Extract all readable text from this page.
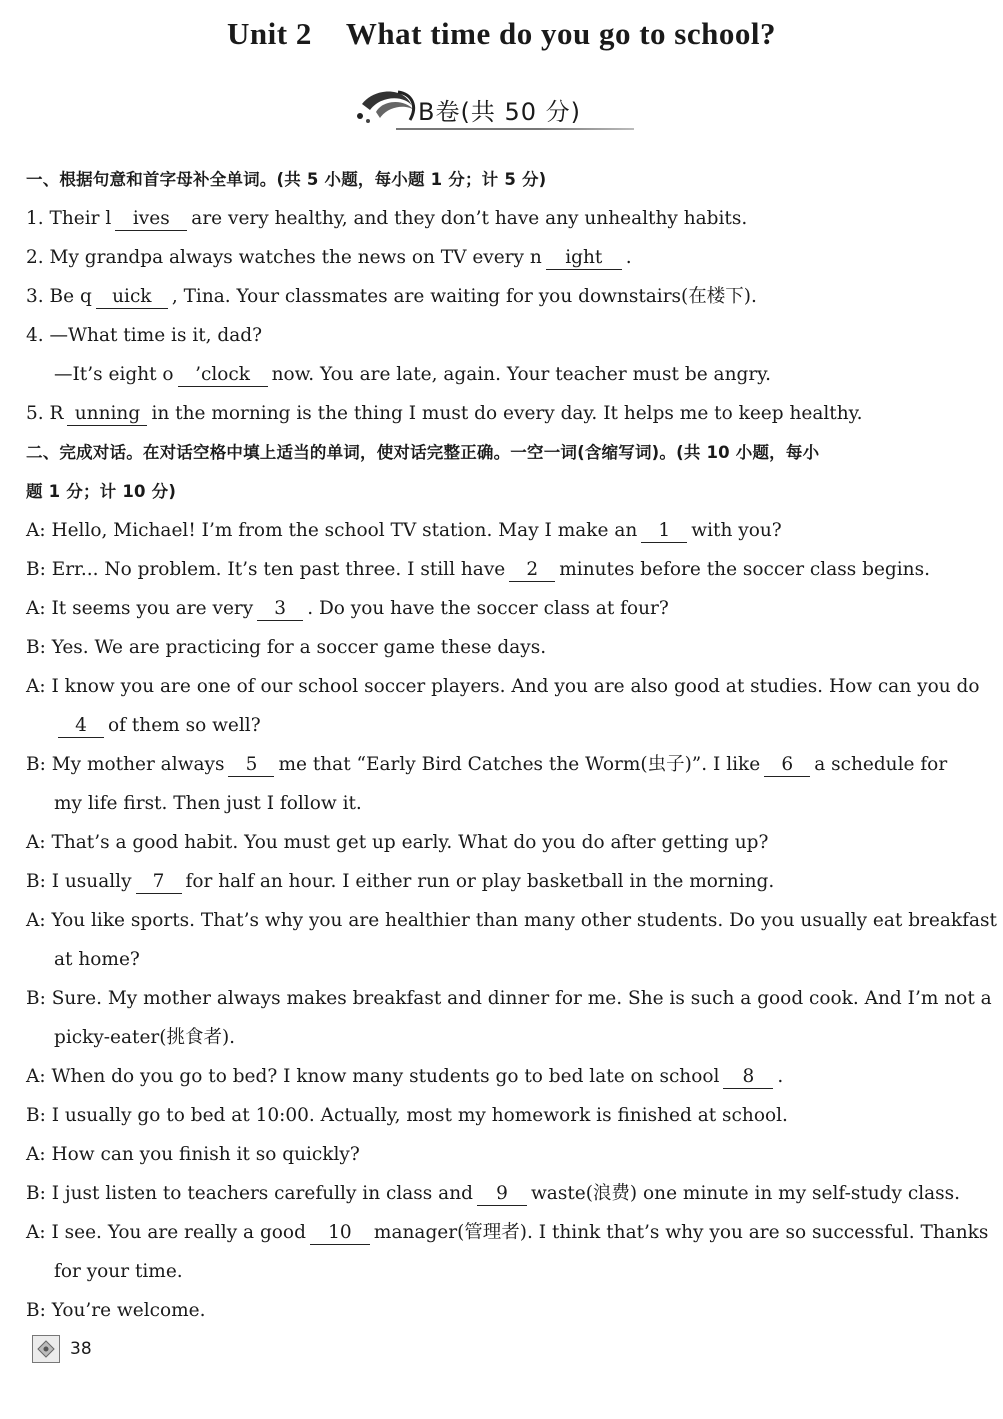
Unit 2 What time do you go to school?
B卷(共 50 分)
一、根据句意和首字母补全单词。(共 5 小题，每小题 1 分；计 5 分)
1. Their l ives are very healthy, and they don’t have any unhealthy habits.
2. My grandpa always watches the news on TV every n ight .
3. Be q uick , Tina. Your classmates are waiting for you downstairs(在楼下).
4. —What time is it, dad?
—It’s eight o ’clock now. You are late, again. Your teacher must be angry.
5. R unning in the morning is the thing I must do every day. It helps me to keep healthy.
二、完成对话。在对话空格中填上适当的单词，使对话完整正确。一空一词(含缩写词)。(共 10 小题，每小
题 1 分；计 10 分)
A: Hello, Michael! I’m from the school TV station. May I make an 1 with you?
B: Err... No problem. It’s ten past three. I still have 2 minutes before the soccer class begins.
A: It seems you are very 3 . Do you have the soccer class at four?
B: Yes. We are practicing for a soccer game these days.
A: I know you are one of our school soccer players. And you are also good at studies. How can you do
4 of them so well?
B: My mother always 5 me that “Early Bird Catches the Worm(虫子)”. I like 6 a schedule for
my life first. Then just I follow it.
A: That’s a good habit. You must get up early. What do you do after getting up?
B: I usually 7 for half an hour. I either run or play basketball in the morning.
A: You like sports. That’s why you are healthier than many other students. Do you usually eat breakfast
at home?
B: Sure. My mother always makes breakfast and dinner for me. She is such a good cook. And I’m not a
picky-eater(挑食者).
A: When do you go to bed? I know many students go to bed late on school 8 .
B: I usually go to bed at 10:00. Actually, most my homework is finished at school.
A: How can you finish it so quickly?
B: I just listen to teachers carefully in class and 9 waste(浪费) one minute in my self-study class.
A: I see. You are really a good 10 manager(管理者). I think that’s why you are so successful. Thanks
for your time.
B: You’re welcome.
38
